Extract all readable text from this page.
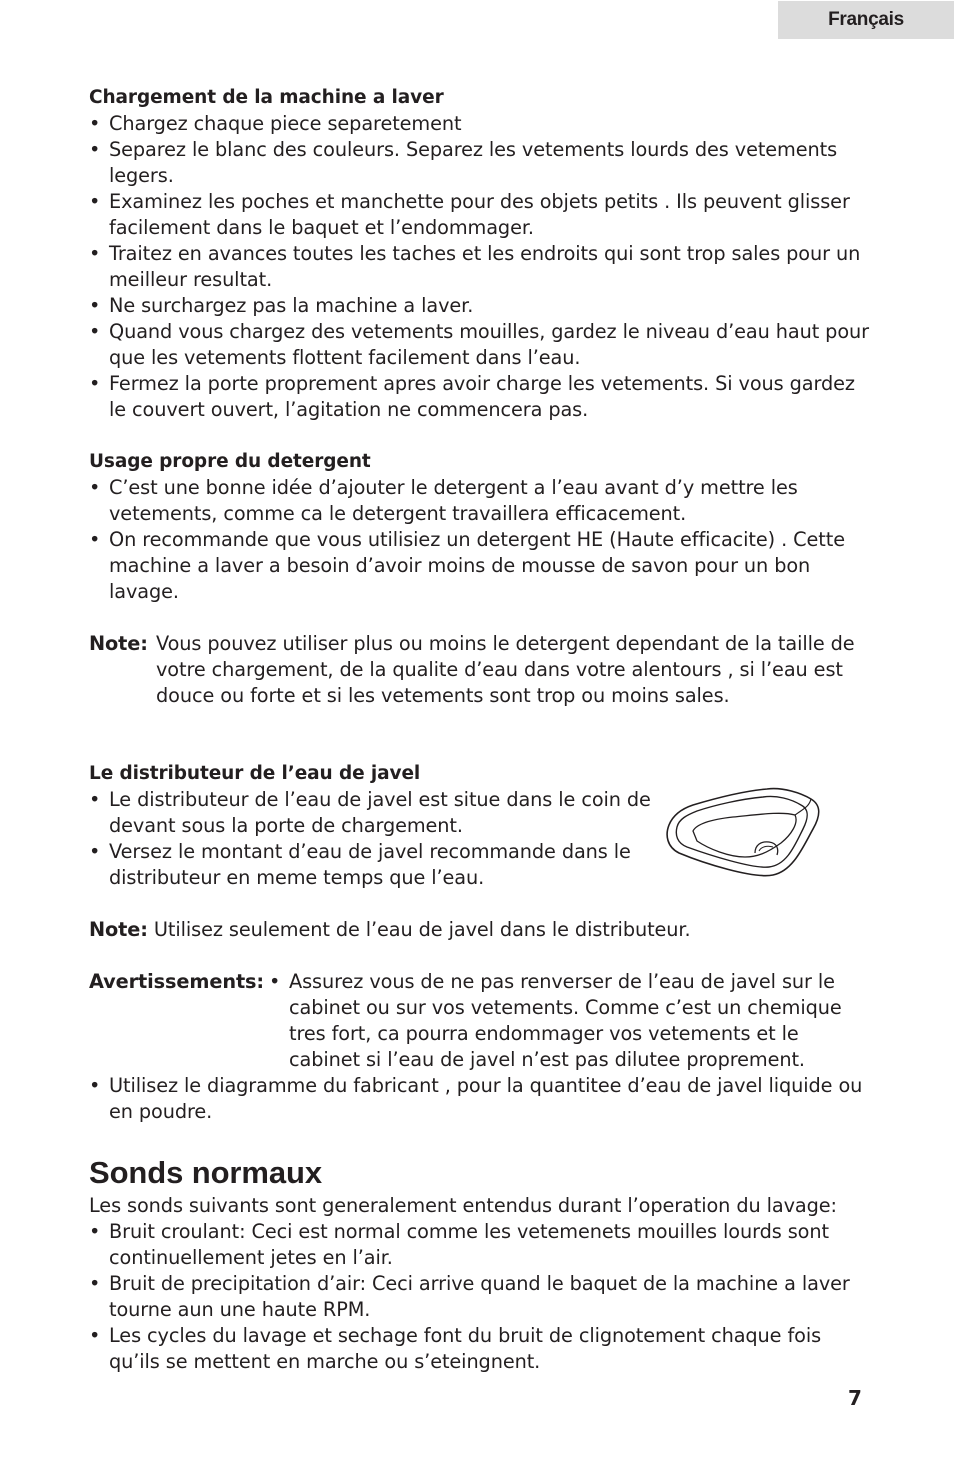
Français
Chargement de la machine a laver
• Chargez chaque piece separetement
• Separez le blanc des couleurs. Separez les vetements lourds des vetements legers.
• Examinez les poches et manchette pour des objets petits . Ils peuvent glisser facilement dans le baquet et l’endommager.
• Traitez en avances toutes les taches et les endroits qui sont trop sales pour un meilleur resultat.
• Ne surchargez pas la machine a laver.
• Quand vous chargez des vetements mouilles, gardez le niveau d’eau haut pour que les vetements flottent facilement dans l’eau.
• Fermez la porte proprement apres avoir charge les vetements. Si vous gardez le couvert ouvert, l’agitation ne commencera pas.
Usage propre du detergent
• C’est une bonne idée d’ajouter le detergent a l’eau avant d’y mettre les vetements, comme ca le detergent travaillera efficacement.
• On recommande que vous utilisiez un detergent HE (Haute efficacite) . Cette machine a laver a besoin d’avoir moins de mousse de savon pour un bon lavage.
Note: Vous pouvez utiliser plus ou moins le detergent dependant de la taille de votre chargement, de la qualite d’eau dans votre alentours , si l’eau est douce ou forte et si les vetements sont trop ou moins sales.
Le distributeur de l’eau de javel
• Le distributeur de l’eau de javel est situe dans le coin de devant sous la porte de chargement.
• Versez le montant d’eau de javel recommande dans le distributeur en meme temps que l’eau.
Note: Utilisez seulement de l’eau de javel dans le distributeur.
Avertissements:
•	Assurez vous de ne pas renverser de l’eau de javel sur le cabinet ou sur vos vetements. Comme c’est un chemique tres fort, ca pourra endommager vos vetements et le cabinet si l’eau de javel n’est pas dilutee proprement.
• Utilisez le diagramme du fabricant , pour la quantitee d’eau de javel liquide ou en poudre.
Sonds normaux
Les sonds suivants sont generalement entendus durant l’operation du lavage:
• Bruit croulant: Ceci est normal comme les vetemenets mouilles lourds sont continuellement jetes en l’air.
• Bruit de precipitation d’air: Ceci arrive quand le baquet de la machine a laver tourne aun une haute RPM.
• Les cycles du lavage et sechage font du bruit de clignotement chaque fois qu’ils se mettent en marche ou s’eteingnent.
7
